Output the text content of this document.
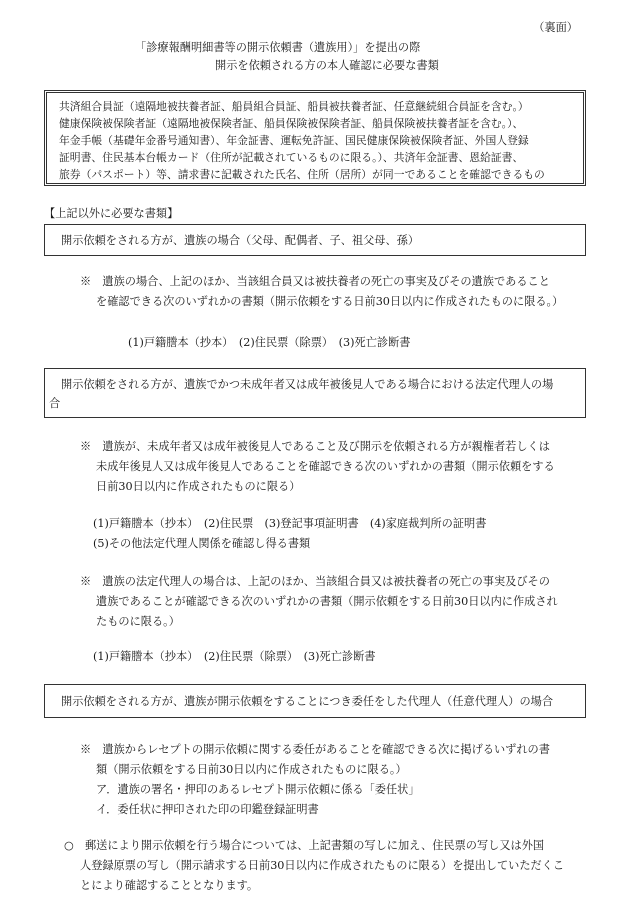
（裏面）
「診療報酬明細書等の開示依頼書（遺族用）」を提出の際
開示を依頼される方の本人確認に必要な書類

共済組合員証（遠隔地被扶養者証、船員組合員証、船員被扶養者証、任意継続組合員証を含む。）

健康保険被保険者証（遠隔地被保険者証、船員保険被保険者証、船員保険被扶養者証を含む。）、

年金手帳（基礎年金番号通知書）、年金証書、運転免許証、国民健康保険被保険者証、外国人登録

証明書、住民基本台帳カード（住所が記載されているものに限る。）、共済年金証書、恩給証書、

旅券（パスポート）等、請求書に記載された氏名、住所（居所）が同一であることを確認できるもの

【上記以外に必要な書類】
開示依頼をされる方が、遺族の場合（父母、配偶者、子、祖父母、孫）

※　遺族の場合、上記のほか、当該組合員又は被扶養者の死亡の事実及びその遺族であること

を確認できる次のいずれかの書類（開示依頼をする日前30日以内に作成されたものに限る。）

(1)戸籍謄本（抄本）　(2)住民票（除票）　(3)死亡診断書

開示依頼をされる方が、遺族でかつ未成年者又は成年被後見人である場合における法定代理人の場

合

※　遺族が、未成年者又は成年被後見人であること及び開示を依頼される方が親権者若しくは

未成年後見人又は成年後見人であることを確認できる次のいずれかの書類（開示依頼をする

日前30日以内に作成されたものに限る）

(1)戸籍謄本（抄本）　(2)住民票　(3)登記事項証明書　(4)家庭裁判所の証明書

(5)その他法定代理人関係を確認し得る書類

※　遺族の法定代理人の場合は、上記のほか、当該組合員又は被扶養者の死亡の事実及びその

遺族であることが確認できる次のいずれかの書類（開示依頼をする日前30日以内に作成され

たものに限る。）

(1)戸籍謄本（抄本）　(2)住民票（除票）　(3)死亡診断書
開示依頼をされる方が、遺族が開示依頼をすることにつき委任をした代理人（任意代理人）の場合

※　遺族からレセプトの開示依頼に関する委任があることを確認できる次に掲げるいずれの書

類（開示依頼をする日前30日以内に作成されたものに限る。）

ア．遺族の署名・押印のあるレセプト開示依頼に係る「委任状」

イ．委任状に押印された印の印鑑登録証明書

○　郵送により開示依頼を行う場合については、上記書類の写しに加え、住民票の写し又は外国

人登録原票の写し（開示請求する日前30日以内に作成されたものに限る）を提出していただくこ

とにより確認することとなります。
